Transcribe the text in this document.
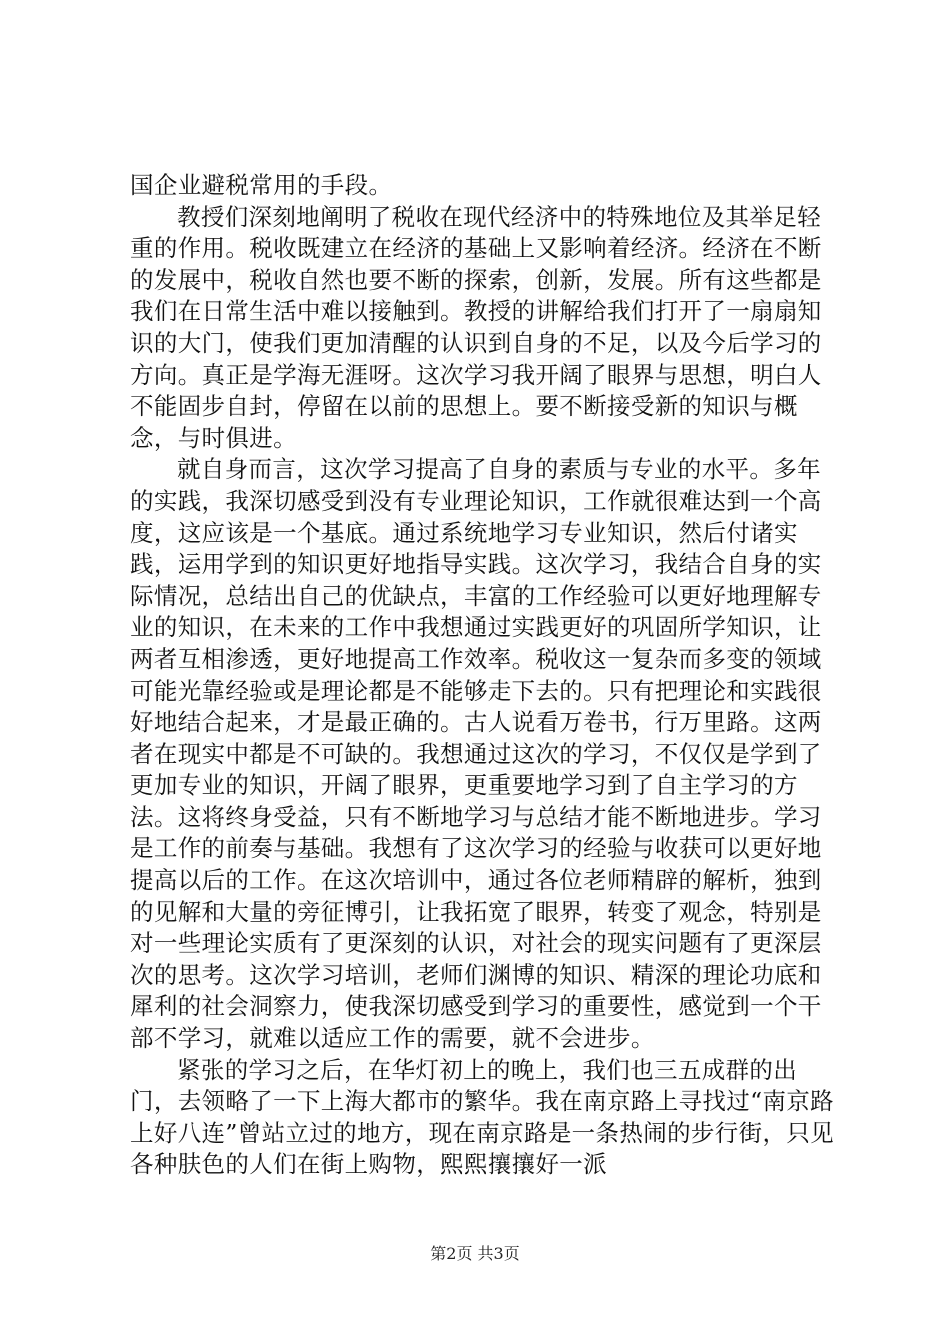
国企业避税常用的手段。

教授们深刻地阐明了税收在现代经济中的特殊地位及其举足轻重的作用。税收既建立在经济的基础上又影响着经济。经济在不断的发展中，税收自然也要不断的探索，创新，发展。所有这些都是我们在日常生活中难以接触到。教授的讲解给我们打开了一扇扇知识的大门，使我们更加清醒的认识到自身的不足，以及今后学习的方向。真正是学海无涯呀。这次学习我开阔了眼界与思想，明白人不能固步自封，停留在以前的思想上。要不断接受新的知识与概念，与时俱进。

就自身而言，这次学习提高了自身的素质与专业的水平。多年的实践，我深切感受到没有专业理论知识，工作就很难达到一个高度，这应该是一个基底。通过系统地学习专业知识，然后付诸实践，运用学到的知识更好地指导实践。这次学习，我结合自身的实际情况，总结出自己的优缺点，丰富的工作经验可以更好地理解专业的知识，在未来的工作中我想通过实践更好的巩固所学知识，让两者互相渗透，更好地提高工作效率。税收这一复杂而多变的领域可能光靠经验或是理论都是不能够走下去的。只有把理论和实践很好地结合起来，才是最正确的。古人说看万卷书，行万里路。这两者在现实中都是不可缺的。我想通过这次的学习，不仅仅是学到了更加专业的知识，开阔了眼界，更重要地学习到了自主学习的方法。这将终身受益，只有不断地学习与总结才能不断地进步。学习是工作的前奏与基础。我想有了这次学习的经验与收获可以更好地提高以后的工作。在这次培训中，通过各位老师精辟的解析，独到的见解和大量的旁征博引，让我拓宽了眼界，转变了观念，特别是对一些理论实质有了更深刻的认识，对社会的现实问题有了更深层次的思考。这次学习培训，老师们渊博的知识、精深的理论功底和犀利的社会洞察力，使我深切感受到学习的重要性，感觉到一个干部不学习，就难以适应工作的需要，就不会进步。

紧张的学习之后，在华灯初上的晚上，我们也三五成群的出门，去领略了一下上海大都市的繁华。我在南京路上寻找过“南京路上好八连”曾站立过的地方，现在南京路是一条热闹的步行街，只见各种肤色的人们在街上购物，熙熙攘攘好一派

第2页 共3页
